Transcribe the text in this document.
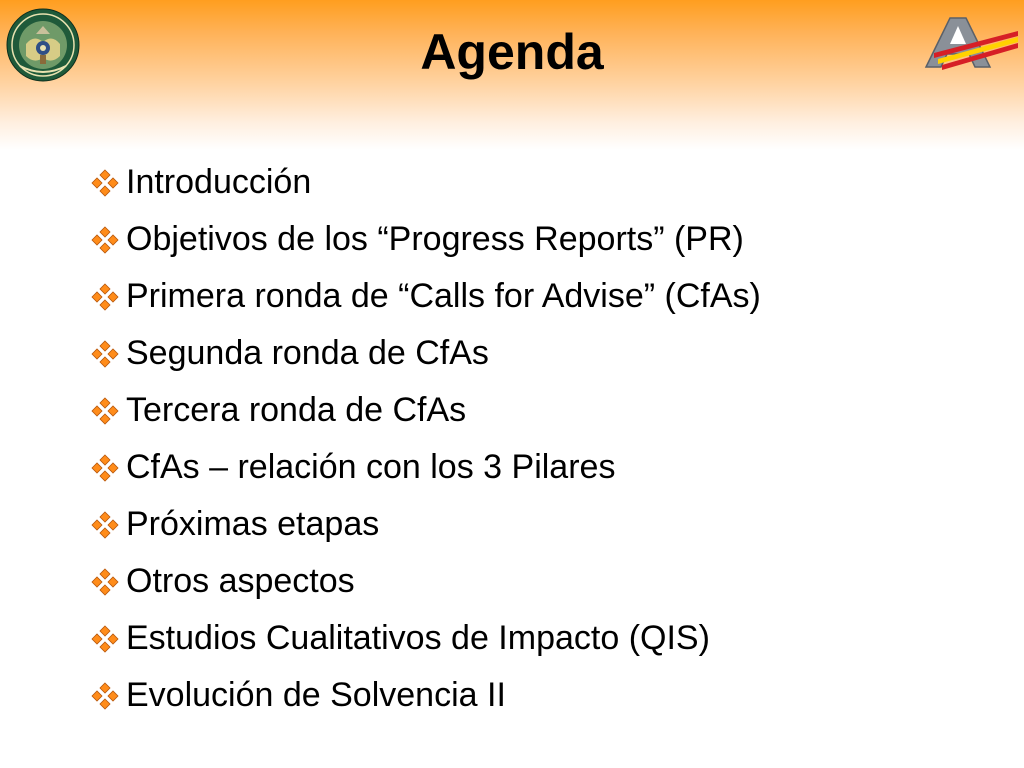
Agenda
Introducción
Objetivos de los “Progress Reports” (PR)
Primera ronda de “Calls for Advise” (CfAs)
Segunda ronda de CfAs
Tercera ronda de CfAs
CfAs – relación con los 3 Pilares
Próximas etapas
Otros aspectos
Estudios Cualitativos de Impacto (QIS)
Evolución de Solvencia II
